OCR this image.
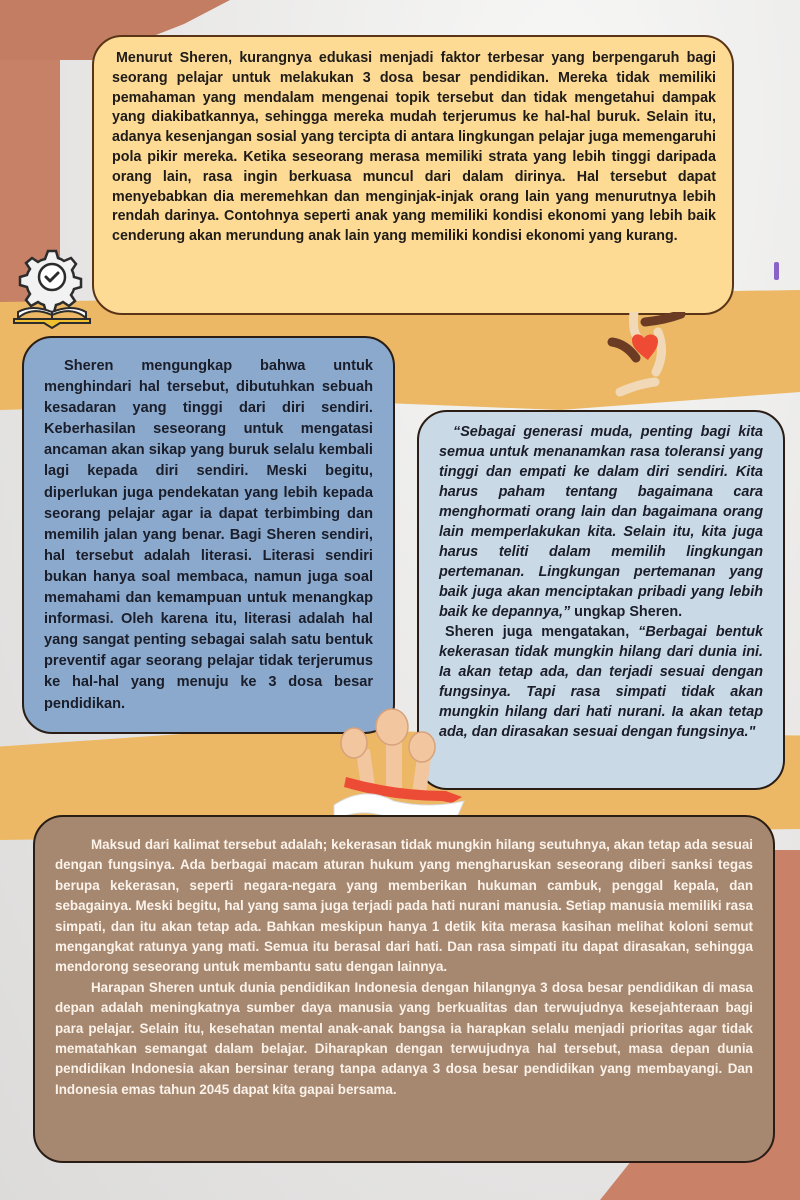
Menurut Sheren, kurangnya edukasi menjadi faktor terbesar yang berpengaruh bagi seorang pelajar untuk melakukan 3 dosa besar pendidikan. Mereka tidak memiliki pemahaman yang mendalam mengenai topik tersebut dan tidak mengetahui dampak yang diakibatkannya, sehingga mereka mudah terjerumus ke hal-hal buruk. Selain itu, adanya kesenjangan sosial yang tercipta di antara lingkungan pelajar juga memengaruhi pola pikir mereka. Ketika seseorang merasa memiliki strata yang lebih tinggi daripada orang lain, rasa ingin berkuasa muncul dari dalam dirinya. Hal tersebut dapat menyebabkan dia meremehkan dan menginjak-injak orang lain yang menurutnya lebih rendah darinya. Contohnya seperti anak yang memiliki kondisi ekonomi yang lebih baik cenderung akan merundung anak lain yang memiliki kondisi ekonomi yang kurang.

Sheren mengungkap bahwa untuk menghindari hal tersebut, dibutuhkan sebuah kesadaran yang tinggi dari diri sendiri. Keberhasilan seseorang untuk mengatasi ancaman akan sikap yang buruk selalu kembali lagi kepada diri sendiri. Meski begitu, diperlukan juga pendekatan yang lebih kepada seorang pelajar agar ia dapat terbimbing dan memilih jalan yang benar. Bagi Sheren sendiri, hal tersebut adalah literasi. Literasi sendiri bukan hanya soal membaca, namun juga soal memahami dan kemampuan untuk menangkap informasi. Oleh karena itu, literasi adalah hal yang sangat penting sebagai salah satu bentuk preventif agar seorang pelajar tidak terjerumus ke hal-hal yang menuju ke 3 dosa besar pendidikan.

“Sebagai generasi muda, penting bagi kita semua untuk menanamkan rasa toleransi yang tinggi dan empati ke dalam diri sendiri. Kita harus paham tentang bagaimana cara menghormati orang lain dan bagaimana orang lain memperlakukan kita. Selain itu, kita juga harus teliti dalam memilih lingkungan pertemanan. Lingkungan pertemanan yang baik juga akan menciptakan pribadi yang lebih baik ke depannya,” ungkap Sheren.

Sheren juga mengatakan, “Berbagai bentuk kekerasan tidak mungkin hilang dari dunia ini. Ia akan tetap ada, dan terjadi sesuai dengan fungsinya. Tapi rasa simpati tidak akan mungkin hilang dari hati nurani. Ia akan tetap ada, dan dirasakan sesuai dengan fungsinya."

Maksud dari kalimat tersebut adalah; kekerasan tidak mungkin hilang seutuhnya, akan tetap ada sesuai dengan fungsinya. Ada berbagai macam aturan hukum yang mengharuskan seseorang diberi sanksi tegas berupa kekerasan, seperti negara-negara yang memberikan hukuman cambuk, penggal kepala, dan sebagainya. Meski begitu, hal yang sama juga terjadi pada hati nurani manusia. Setiap manusia memiliki rasa simpati, dan itu akan tetap ada. Bahkan meskipun hanya 1 detik kita merasa kasihan melihat koloni semut mengangkat ratunya yang mati. Semua itu berasal dari hati. Dan rasa simpati itu dapat dirasakan, sehingga mendorong seseorang untuk membantu satu dengan lainnya.

Harapan Sheren untuk dunia pendidikan Indonesia dengan hilangnya 3 dosa besar pendidikan di masa depan adalah meningkatnya sumber daya manusia yang berkualitas dan terwujudnya kesejahteraan bagi para pelajar. Selain itu, kesehatan mental anak-anak bangsa ia harapkan selalu menjadi prioritas agar tidak mematahkan semangat dalam belajar. Diharapkan dengan terwujudnya hal tersebut, masa depan dunia pendidikan Indonesia akan bersinar terang tanpa adanya 3 dosa besar pendidikan yang membayangi. Dan Indonesia emas tahun 2045 dapat kita gapai bersama.
